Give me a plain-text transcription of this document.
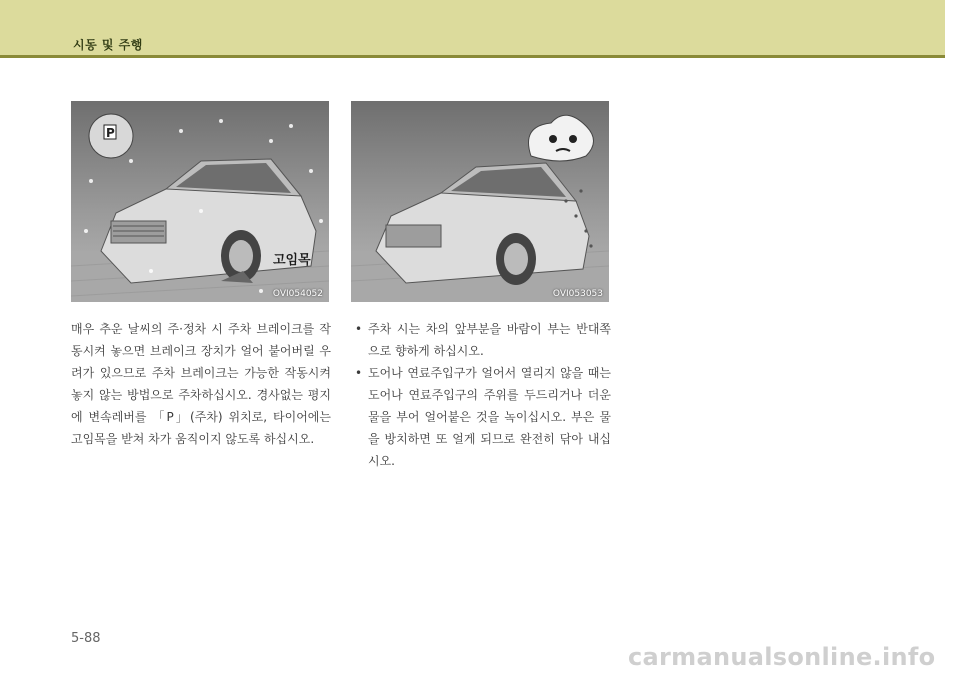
시동 및 주행
P
고임목
OVI054052	OVI053053
매우 추운 날씨의 주·정차 시 주차 브레이크를 작동시켜 놓으면 브레이크 장치가 얼어 붙어버릴 우려가 있으므로 주차 브레이크는 가능한 작동시켜 놓지 않는 방법으로 주차하십시오. 경사없는 평지에 변속레버를 「P」(주차) 위치로, 타이어에는 고임목을 받쳐 차가 움직이지 않도록 하십시오.
• 주차 시는 차의 앞부분을 바람이 부는 반대쪽으로 향하게 하십시오.
• 도어나 연료주입구가 얼어서 열리지 않을 때는 도어나 연료주입구의 주위를 두드리거나 더운 물을 부어 얼어붙은 것을 녹이십시오. 부은 물을 방치하면 또 얼게 되므로 완전히 닦아 내십시오.
5-88
carmanualsonline.info
